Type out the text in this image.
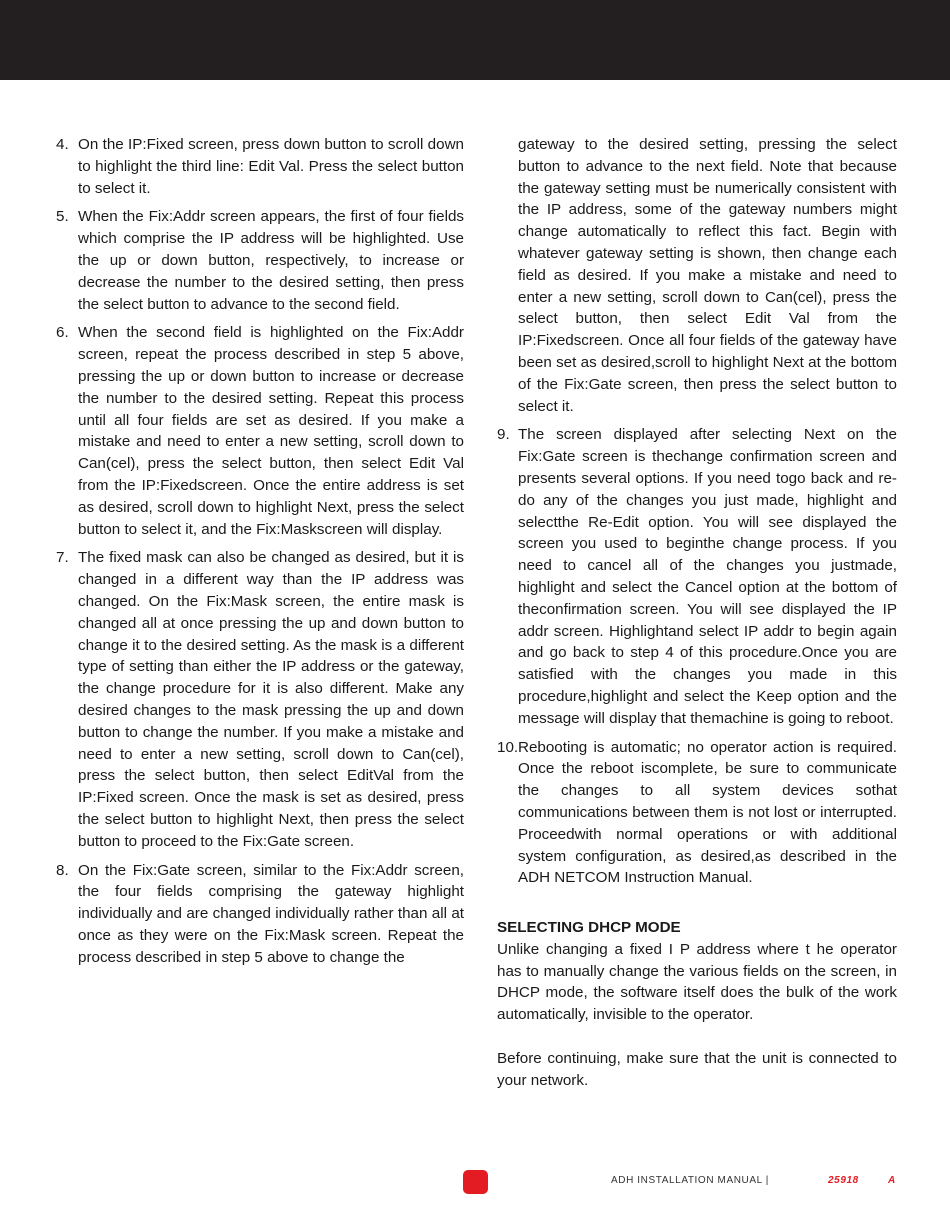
4. On the IP:Fixed screen, press down button to scroll down to highlight the third line: Edit Val. Press the select button to select it.
5. When the Fix:Addr screen appears, the first of four fields which comprise the IP address will be highlighted. Use the up or down button, respectively, to increase or decrease the number to the desired setting, then press the select button to advance to the second field.
6. When the second field is highlighted on the Fix:Addr screen, repeat the process described in step 5 above, pressing the up or down button to increase or decrease the number to the desired setting. Repeat this process until all four fields are set as desired. If you make a mistake and need to enter a new setting, scroll down to Can(cel), press the select button, then select Edit Val from the IP:Fixedscreen. Once the entire address is set as desired, scroll down to highlight Next, press the select button to select it, and the Fix:Maskscreen will display.
7. The fixed mask can also be changed as desired, but it is changed in a different way than the IP address was changed. On the Fix:Mask screen, the entire mask is changed all at once pressing the up and down button to change it to the desired setting. As the mask is a different type of setting than either the IP address or the gateway, the change procedure for it is also different. Make any desired changes to the mask pressing the up and down button to change the number. If you make a mistake and need to enter a new setting, scroll down to Can(cel), press the select button, then select EditVal from the IP:Fixed screen. Once the mask is set as desired, press the select button to highlight Next, then press the select button to proceed to the Fix:Gate screen.
8. On the Fix:Gate screen, similar to the Fix:Addr screen, the four fields comprising the gateway highlight individually and are changed individually rather than all at once as they were on the Fix:Mask screen. Repeat the process described in step 5 above to change the

gateway to the desired setting, pressing the select button to advance to the next field. Note that because the gateway setting must be numerically consistent with the IP address, some of the gateway numbers might change automatically to reflect this fact. Begin with whatever gateway setting is shown, then change each field as desired. If you make a mistake and need to enter a new setting, scroll down to Can(cel), press the select button, then select Edit Val from the IP:Fixedscreen. Once all four fields of the gateway have been set as desired,scroll to highlight Next at the bottom of the Fix:Gate screen, then press the select button to select it.

9. The screen displayed after selecting Next on the Fix:Gate screen is thechange confirmation screen and presents several options. If you need togo back and re-do any of the changes you just made, highlight and selectthe Re-Edit option. You will see displayed the screen you used to beginthe change process. If you need to cancel all of the changes you justmade, highlight and select the Cancel option at the bottom of theconfirmation screen. You will see displayed the IP addr screen. Highlightand select IP addr to begin again and go back to step 4 of this procedure.Once you are satisfied with the changes you made in this procedure,highlight and select the Keep option and the message will display that themachine is going to reboot.
10. Rebooting is automatic; no operator action is required. Once the reboot iscomplete, be sure to communicate the changes to all system devices sothat communications between them is not lost or interrupted. Proceedwith normal operations or with additional system configuration, as desired,as described in the ADH NETCOM Instruction Manual.
SELECTING DHCP MODE

Unlike changing a fixed I P address where t he operator has to manually change the various fields on the screen, in DHCP mode, the software itself does the bulk of the work automatically, invisible to the operator.

Before continuing, make sure that the unit is connected to your network.

ADH INSTALLATION MANUAL |	25918	A
